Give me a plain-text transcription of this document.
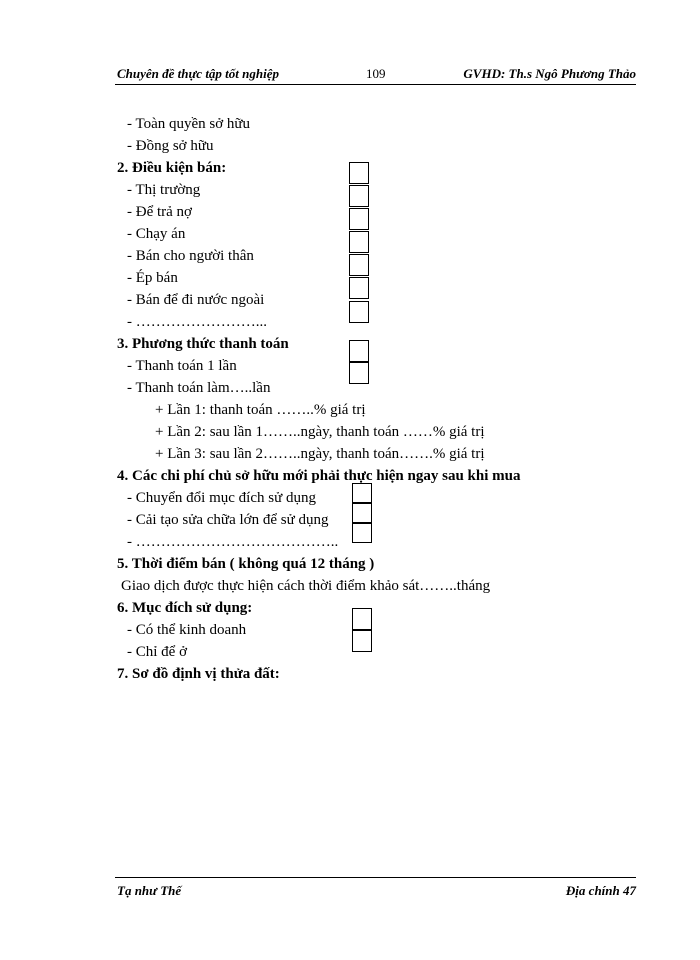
Chuyên đề thực tập tốt nghiệp	109	GVHD: Th.s Ngô Phương Thảo
- Toàn quyền sở hữu
- Đồng sở hữu
2. Điều kiện bán:
- Thị trường
- Để trả nợ
- Chạy án
- Bán cho người thân
- Ép bán
- Bán để đi nước ngoài
- ……………………...
3. Phương thức thanh toán
- Thanh toán 1 lần
- Thanh toán làm…..lần
+ Lần 1: thanh toán ……..% giá trị
+ Lần 2: sau lần 1……..ngày, thanh toán ……% giá trị
+ Lần 3: sau lần 2……..ngày, thanh toán…….% giá trị
4. Các chi phí chủ sở hữu mới phải thực hiện ngay sau khi mua
- Chuyển đổi mục đích sử dụng
- Cải tạo sửa chữa lớn để sử dụng
- …………………………………..
5. Thời điểm bán ( không quá 12 tháng )
Giao dịch được thực hiện cách thời điểm khảo sát……..tháng
6. Mục đích sử dụng:
- Có thể kinh doanh
- Chỉ để ở
7. Sơ đồ định vị thửa đất:
Tạ như Thế	Địa chính 47
